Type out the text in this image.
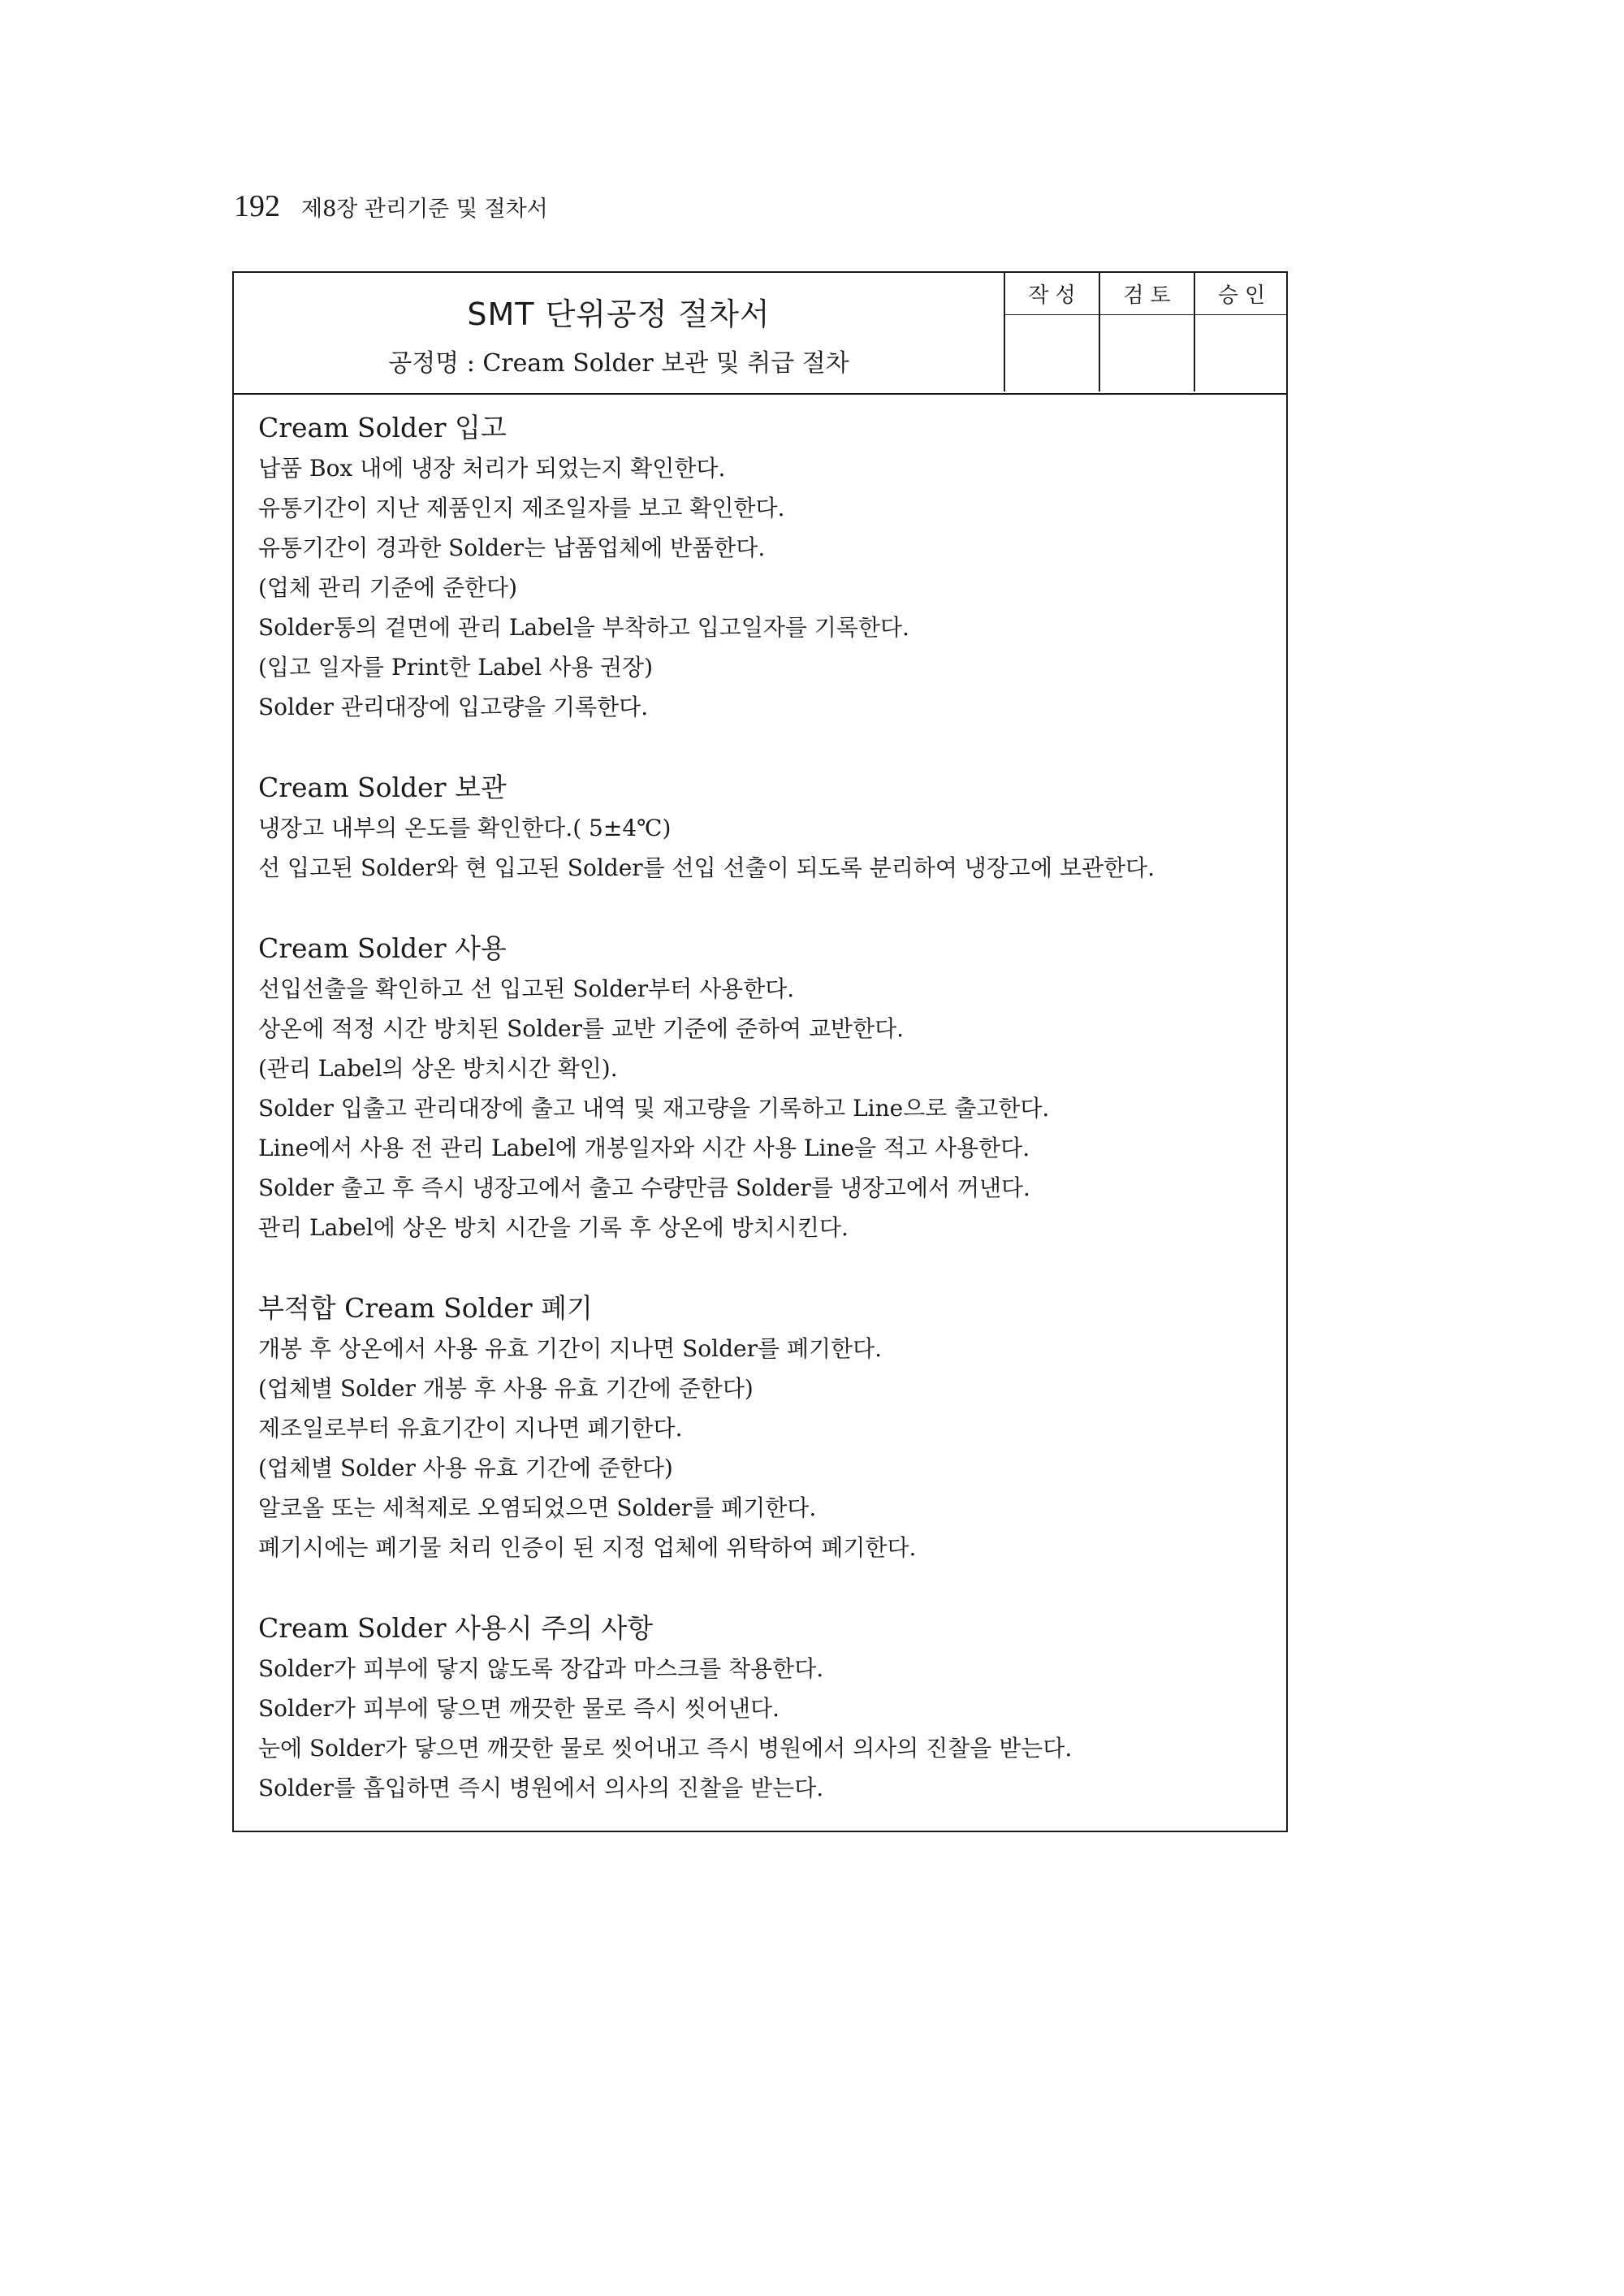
192 제8장 관리기준 및 절차서
SMT 단위공정 절차서
공정명 : Cream Solder 보관 및 취급 절차
작성	검토	승인
Cream Solder 입고
납품 Box 내에 냉장 처리가 되었는지 확인한다.
유통기간이 지난 제품인지 제조일자를 보고 확인한다.
유통기간이 경과한 Solder는 납품업체에 반품한다.
(업체 관리 기준에 준한다)
Solder통의 겉면에 관리 Label을 부착하고 입고일자를 기록한다.
(입고 일자를 Print한 Label 사용 권장)
Solder 관리대장에 입고량을 기록한다.
Cream Solder 보관
냉장고 내부의 온도를 확인한다.( 5±4℃)
선 입고된 Solder와 현 입고된 Solder를 선입 선출이 되도록 분리하여 냉장고에 보관한다.
Cream Solder 사용
선입선출을 확인하고 선 입고된 Solder부터 사용한다.
상온에 적정 시간 방치된 Solder를 교반 기준에 준하여 교반한다.
(관리 Label의 상온 방치시간 확인).
Solder 입출고 관리대장에 출고 내역 및 재고량을 기록하고 Line으로 출고한다.
Line에서 사용 전 관리 Label에 개봉일자와 시간 사용 Line을 적고 사용한다.
Solder 출고 후 즉시 냉장고에서 출고 수량만큼 Solder를 냉장고에서 꺼낸다.
관리 Label에 상온 방치 시간을 기록 후 상온에 방치시킨다.
부적합 Cream Solder 폐기
개봉 후 상온에서 사용 유효 기간이 지나면 Solder를 폐기한다.
(업체별 Solder 개봉 후 사용 유효 기간에 준한다)
제조일로부터 유효기간이 지나면 폐기한다.
(업체별 Solder 사용 유효 기간에 준한다)
알코올 또는 세척제로 오염되었으면 Solder를 폐기한다.
폐기시에는 폐기물 처리 인증이 된 지정 업체에 위탁하여 폐기한다.
Cream Solder 사용시 주의 사항
Solder가 피부에 닿지 않도록 장갑과 마스크를 착용한다.
Solder가 피부에 닿으면 깨끗한 물로 즉시 씻어낸다.
눈에 Solder가 닿으면 깨끗한 물로 씻어내고 즉시 병원에서 의사의 진찰을 받는다.
Solder를 흡입하면 즉시 병원에서 의사의 진찰을 받는다.
